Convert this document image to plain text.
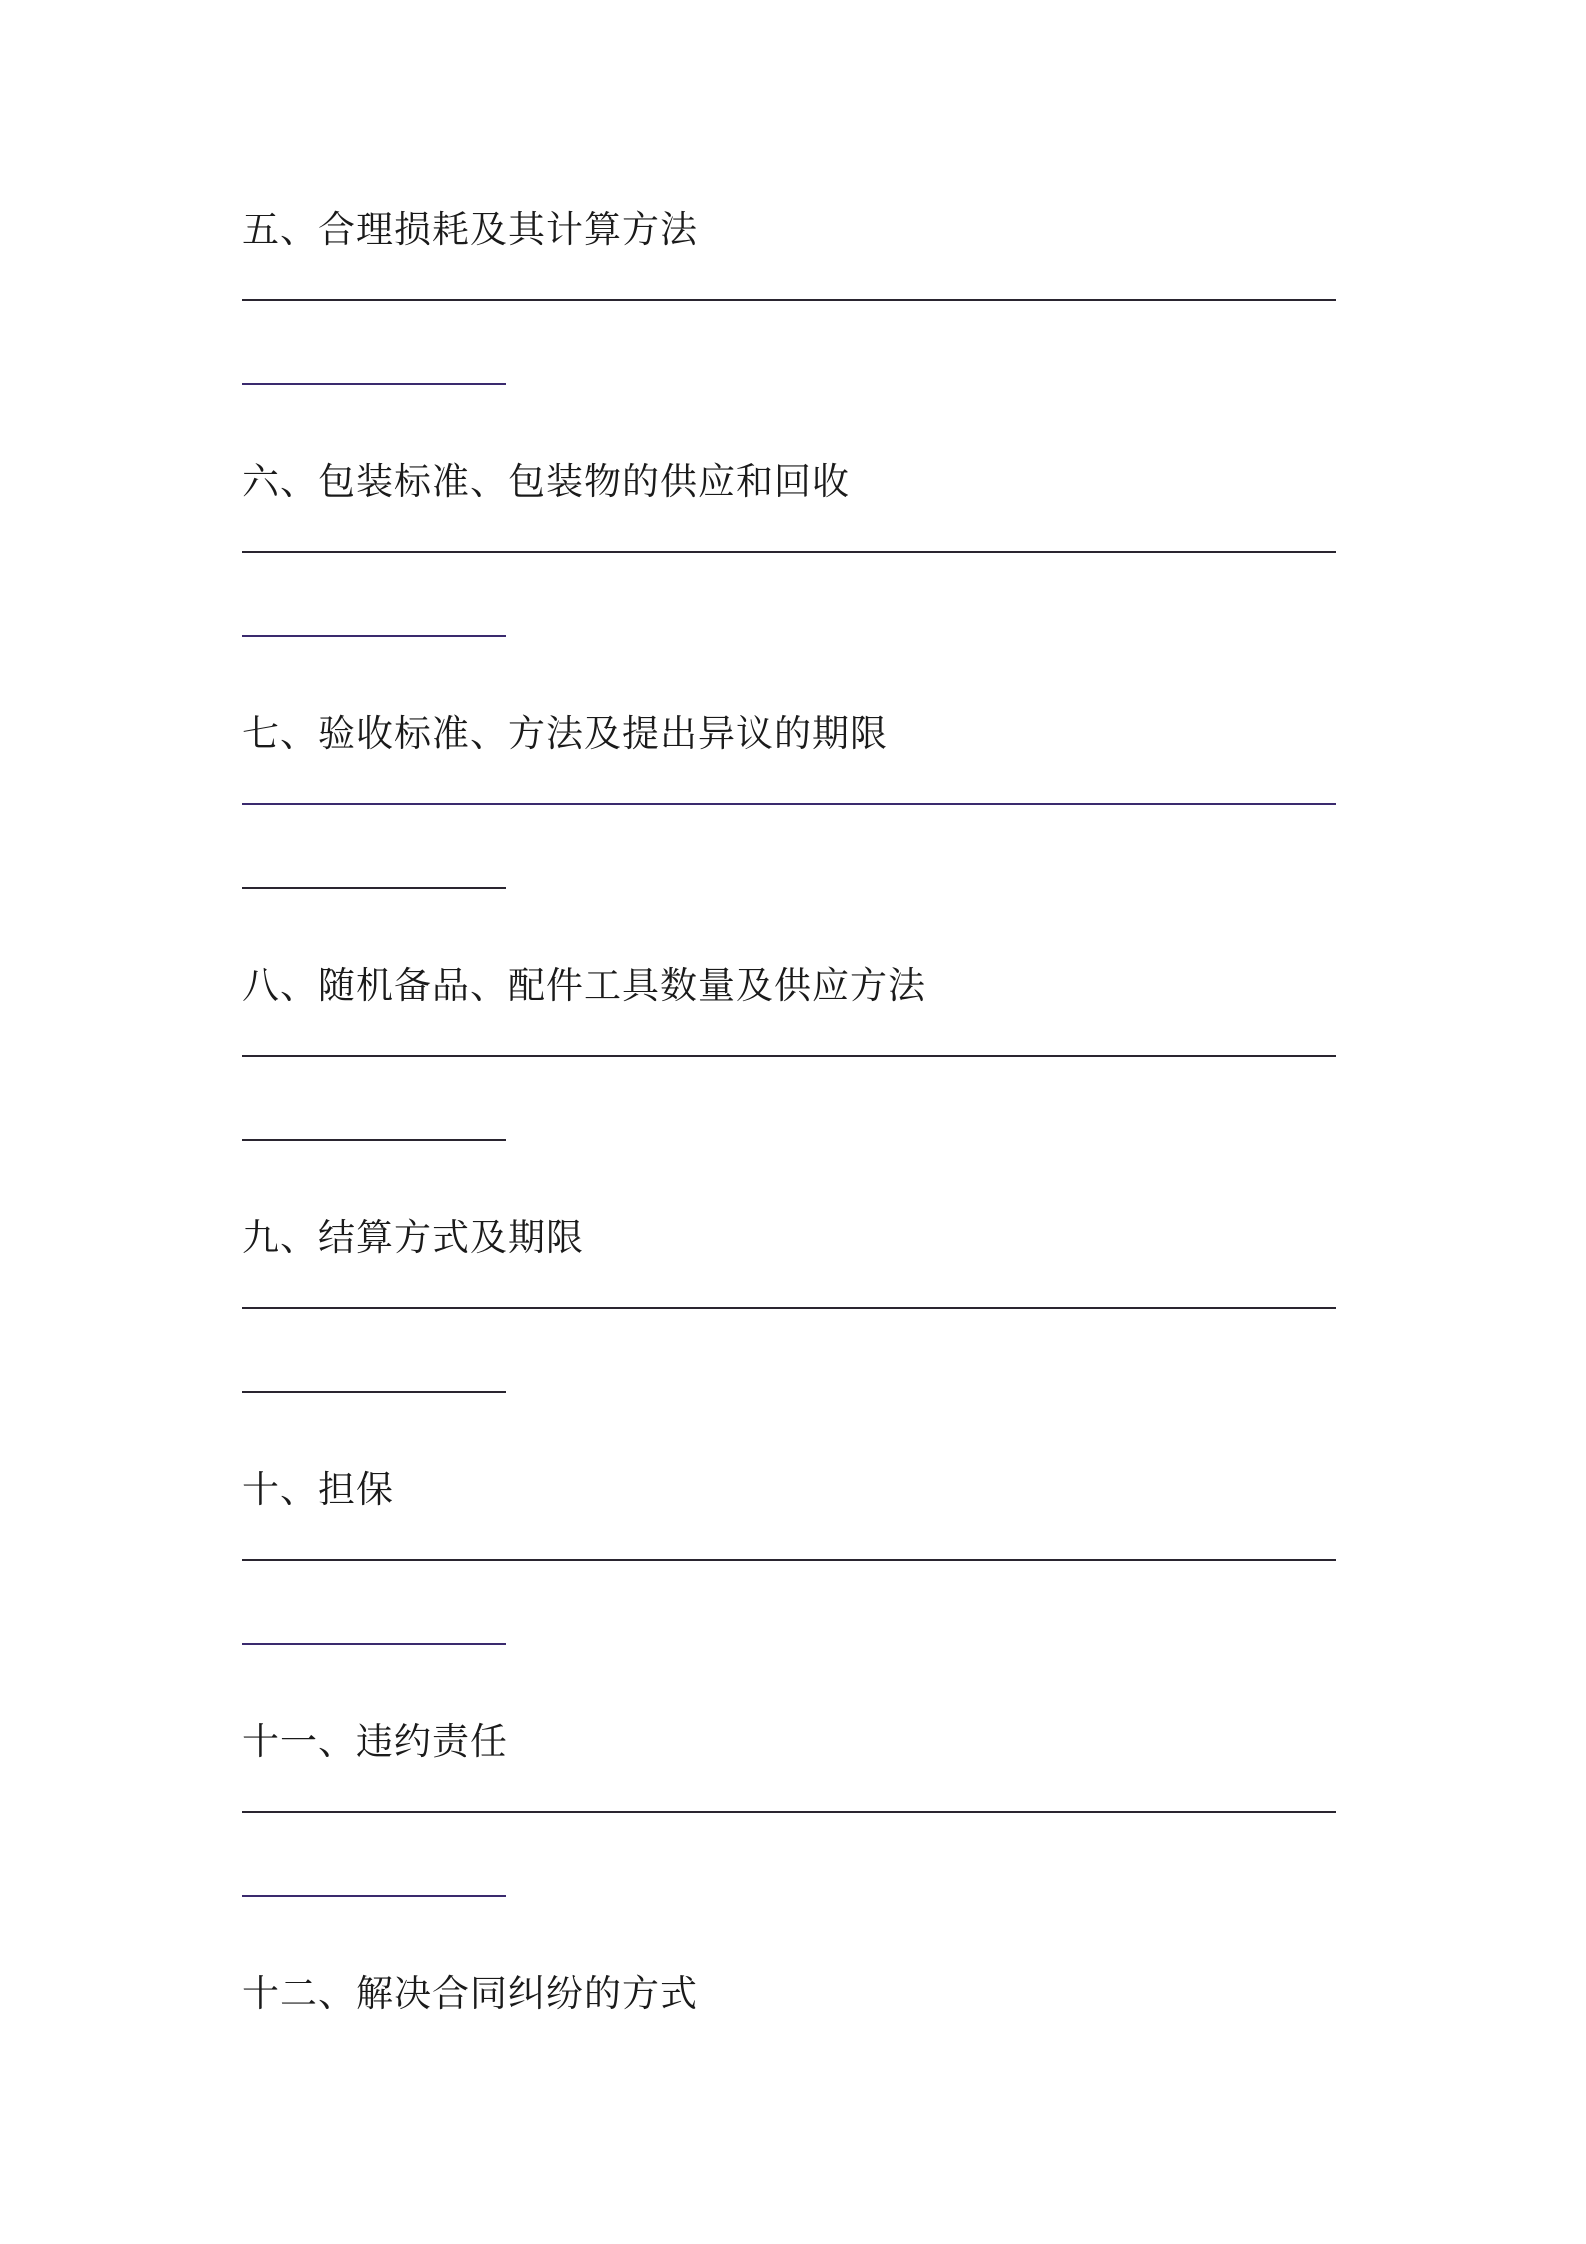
五、合理损耗及其计算方法
六、包装标准、包装物的供应和回收
七、验收标准、方法及提出异议的期限
八、随机备品、配件工具数量及供应方法
九、结算方式及期限
十、担保
十一、违约责任
十二、解决合同纠纷的方式
